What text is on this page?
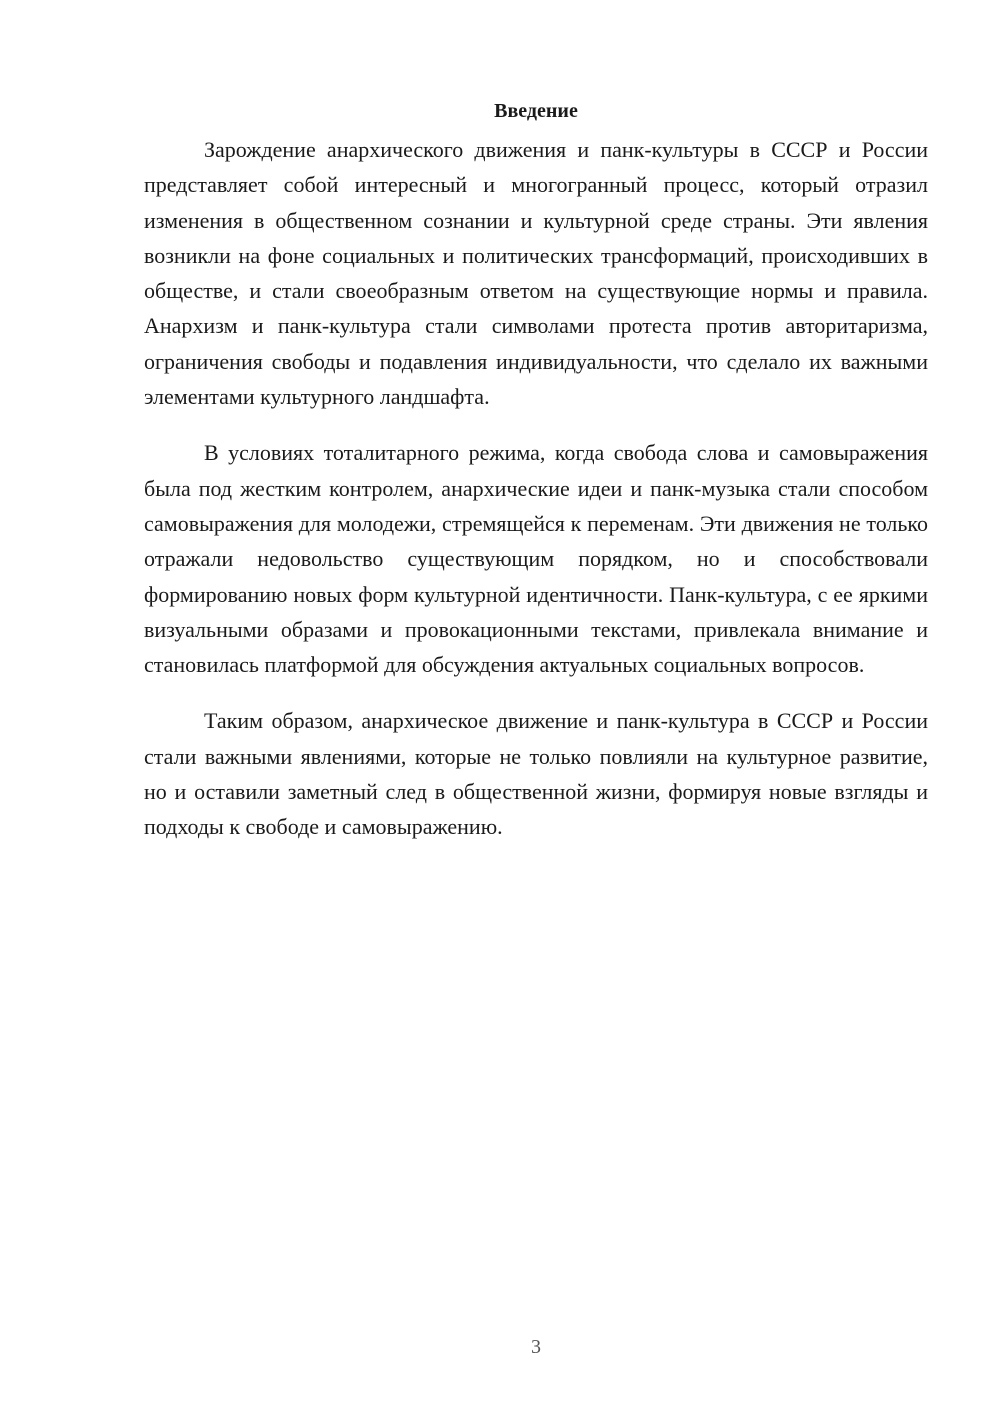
Введение

Зарождение анархического движения и панк-культуры в СССР и России представляет собой интересный и многогранный процесс, который отразил изменения в общественном сознании и культурной среде страны. Эти явления возникли на фоне социальных и политических трансформаций, происходивших в обществе, и стали своеобразным ответом на существующие нормы и правила. Анархизм и панк-культура стали символами протеста против авторитаризма, ограничения свободы и подавления индивидуальности, что сделало их важными элементами культурного ландшафта.

В условиях тоталитарного режима, когда свобода слова и самовыражения была под жестким контролем, анархические идеи и панк-музыка стали способом самовыражения для молодежи, стремящейся к переменам. Эти движения не только отражали недовольство существующим порядком, но и способствовали формированию новых форм культурной идентичности. Панк-культура, с ее яркими визуальными образами и провокационными текстами, привлекала внимание и становилась платформой для обсуждения актуальных социальных вопросов.

Таким образом, анархическое движение и панк-культура в СССР и России стали важными явлениями, которые не только повлияли на культурное развитие, но и оставили заметный след в общественной жизни, формируя новые взгляды и подходы к свободе и самовыражению.

3
